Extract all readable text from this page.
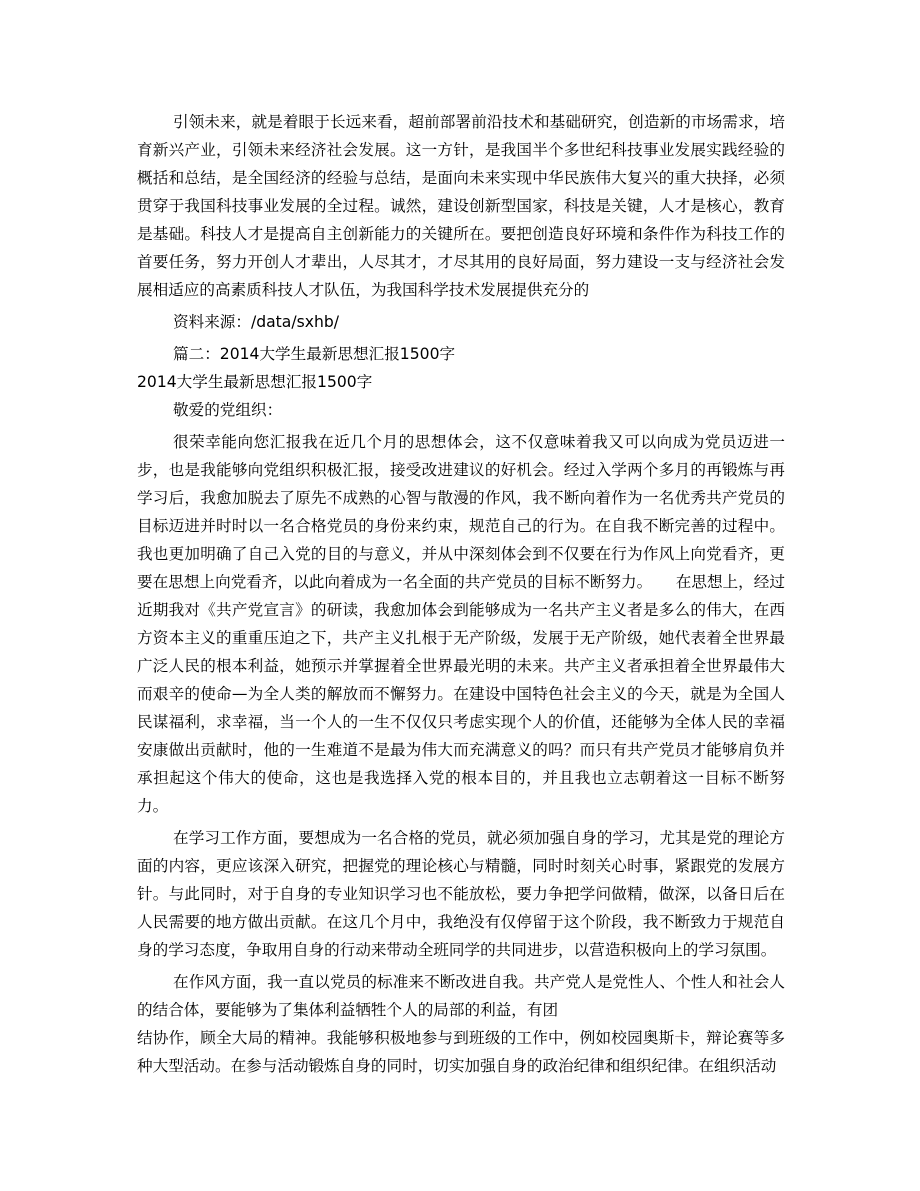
引领未来，就是着眼于长远来看，超前部署前沿技术和基础研究，创造新的市场需求，培育新兴产业，引领未来经济社会发展。这一方针，是我国半个多世纪科技事业发展实践经验的概括和总结，是全国经济的经验与总结，是面向未来实现中华民族伟大复兴的重大抉择，必须贯穿于我国科技事业发展的全过程。诚然，建设创新型国家，科技是关键，人才是核心，教育是基础。科技人才是提高自主创新能力的关键所在。要把创造良好环境和条件作为科技工作的首要任务，努力开创人才辈出，人尽其才，才尽其用的良好局面，努力建设一支与经济社会发展相适应的高素质科技人才队伍，为我国科学技术发展提供充分的

资料来源：/data/sxhb/

篇二：2014大学生最新思想汇报1500字

2014大学生最新思想汇报1500字

敬爱的党组织：

很荣幸能向您汇报我在近几个月的思想体会，这不仅意味着我又可以向成为党员迈进一步，也是我能够向党组织积极汇报，接受改进建议的好机会。经过入学两个多月的再锻炼与再学习后，我愈加脱去了原先不成熟的心智与散漫的作风，我不断向着作为一名优秀共产党员的目标迈进并时时以一名合格党员的身份来约束，规范自己的行为。在自我不断完善的过程中。我也更加明确了自己入党的目的与意义，并从中深刻体会到不仅要在行为作风上向党看齐，更要在思想上向党看齐，以此向着成为一名全面的共产党员的目标不断努力。　　在思想上，经过近期我对《共产党宣言》的研读，我愈加体会到能够成为一名共产主义者是多么的伟大，在西方资本主义的重重压迫之下，共产主义扎根于无产阶级，发展于无产阶级，她代表着全世界最广泛人民的根本利益，她预示并掌握着全世界最光明的未来。共产主义者承担着全世界最伟大而艰辛的使命—为全人类的解放而不懈努力。在建设中国特色社会主义的今天，就是为全国人民谋福利，求幸福，当一个人的一生不仅仅只考虑实现个人的价值，还能够为全体人民的幸福安康做出贡献时，他的一生难道不是最为伟大而充满意义的吗？而只有共产党员才能够肩负并承担起这个伟大的使命，这也是我选择入党的根本目的，并且我也立志朝着这一目标不断努力。

在学习工作方面，要想成为一名合格的党员，就必须加强自身的学习，尤其是党的理论方面的内容，更应该深入研究，把握党的理论核心与精髓，同时时刻关心时事，紧跟党的发展方针。与此同时，对于自身的专业知识学习也不能放松，要力争把学问做精，做深，以备日后在人民需要的地方做出贡献。在这几个月中，我绝没有仅停留于这个阶段，我不断致力于规范自身的学习态度，争取用自身的行动来带动全班同学的共同进步，以营造积极向上的学习氛围。

在作风方面，我一直以党员的标准来不断改进自我。共产党人是党性人、个性人和社会人的结合体，要能够为了集体利益牺牲个人的局部的利益，有团

结协作，顾全大局的精神。我能够积极地参与到班级的工作中，例如校园奥斯卡，辩论赛等多种大型活动。在参与活动锻炼自身的同时，切实加强自身的政治纪律和组织纪律。在组织活动
